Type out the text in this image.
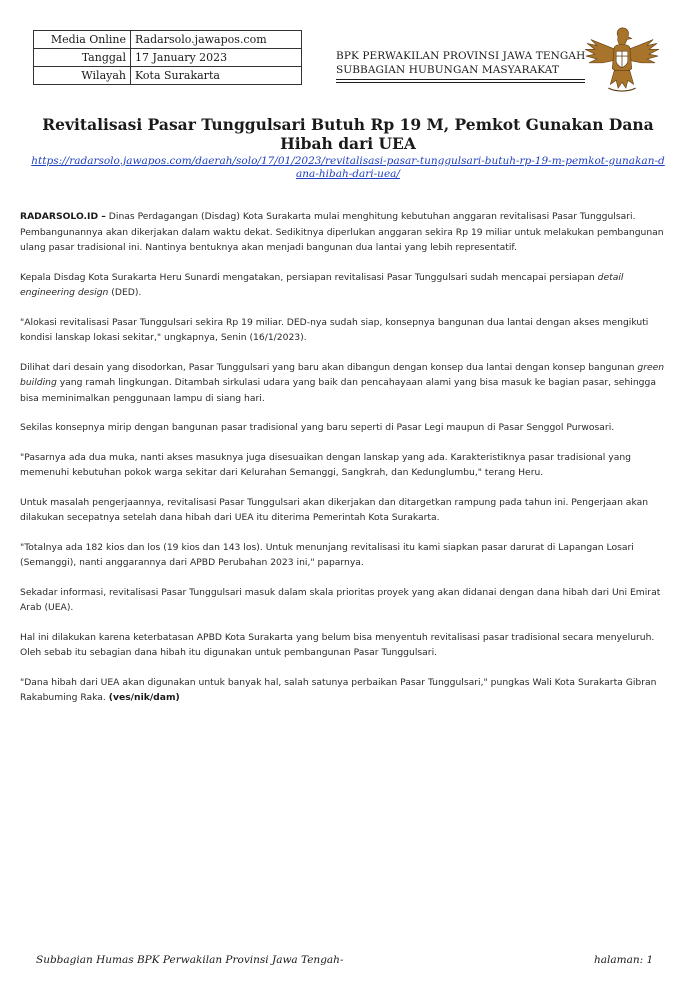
Media Online	Radarsolo.jawapos.com
Tanggal	17 January 2023
Wilayah	Kota Surakarta
BPK PERWAKILAN PROVINSI JAWA TENGAH
SUBBAGIAN HUBUNGAN MASYARAKAT
Revitalisasi Pasar Tunggulsari Butuh Rp 19 M, Pemkot Gunakan Dana Hibah dari UEA
https://radarsolo.jawapos.com/daerah/solo/17/01/2023/revitalisasi-pasar-tunggulsari-butuh-rp-19-m-pemkot-gunakan-dana-hibah-dari-uea/

RADARSOLO.ID – Dinas Perdagangan (Disdag) Kota Surakarta mulai menghitung kebutuhan anggaran revitalisasi Pasar Tunggulsari. Pembangunannya akan dikerjakan dalam waktu dekat. Sedikitnya diperlukan anggaran sekira Rp 19 miliar untuk melakukan pembangunan ulang pasar tradisional ini. Nantinya bentuknya akan menjadi bangunan dua lantai yang lebih representatif.

Kepala Disdag Kota Surakarta Heru Sunardi mengatakan, persiapan revitalisasi Pasar Tunggulsari sudah mencapai persiapan detail engineering design (DED).

"Alokasi revitalisasi Pasar Tunggulsari sekira Rp 19 miliar. DED-nya sudah siap, konsepnya bangunan dua lantai dengan akses mengikuti kondisi lanskap lokasi sekitar," ungkapnya, Senin (16/1/2023).

Dilihat dari desain yang disodorkan, Pasar Tunggulsari yang baru akan dibangun dengan konsep dua lantai dengan konsep bangunan green building yang ramah lingkungan. Ditambah sirkulasi udara yang baik dan pencahayaan alami yang bisa masuk ke bagian pasar, sehingga bisa meminimalkan penggunaan lampu di siang hari.

Sekilas konsepnya mirip dengan bangunan pasar tradisional yang baru seperti di Pasar Legi maupun di Pasar Senggol Purwosari.

"Pasarnya ada dua muka, nanti akses masuknya juga disesuaikan dengan lanskap yang ada. Karakteristiknya pasar tradisional yang memenuhi kebutuhan pokok warga sekitar dari Kelurahan Semanggi, Sangkrah, dan Kedunglumbu," terang Heru.

Untuk masalah pengerjaannya, revitalisasi Pasar Tunggulsari akan dikerjakan dan ditargetkan rampung pada tahun ini. Pengerjaan akan dilakukan secepatnya setelah dana hibah dari UEA itu diterima Pemerintah Kota Surakarta.

"Totalnya ada 182 kios dan los (19 kios dan 143 los). Untuk menunjang revitalisasi itu kami siapkan pasar darurat di Lapangan Losari (Semanggi), nanti anggarannya dari APBD Perubahan 2023 ini," paparnya.

Sekadar informasi, revitalisasi Pasar Tunggulsari masuk dalam skala prioritas proyek yang akan didanai dengan dana hibah dari Uni Emirat Arab (UEA).

Hal ini dilakukan karena keterbatasan APBD Kota Surakarta yang belum bisa menyentuh revitalisasi pasar tradisional secara menyeluruh. Oleh sebab itu sebagian dana hibah itu digunakan untuk pembangunan Pasar Tunggulsari.

"Dana hibah dari UEA akan digunakan untuk banyak hal, salah satunya perbaikan Pasar Tunggulsari," pungkas Wali Kota Surakarta Gibran Rakabuming Raka. (ves/nik/dam)

Subbagian Humas BPK Perwakilan Provinsi Jawa Tengah-	halaman: 1
